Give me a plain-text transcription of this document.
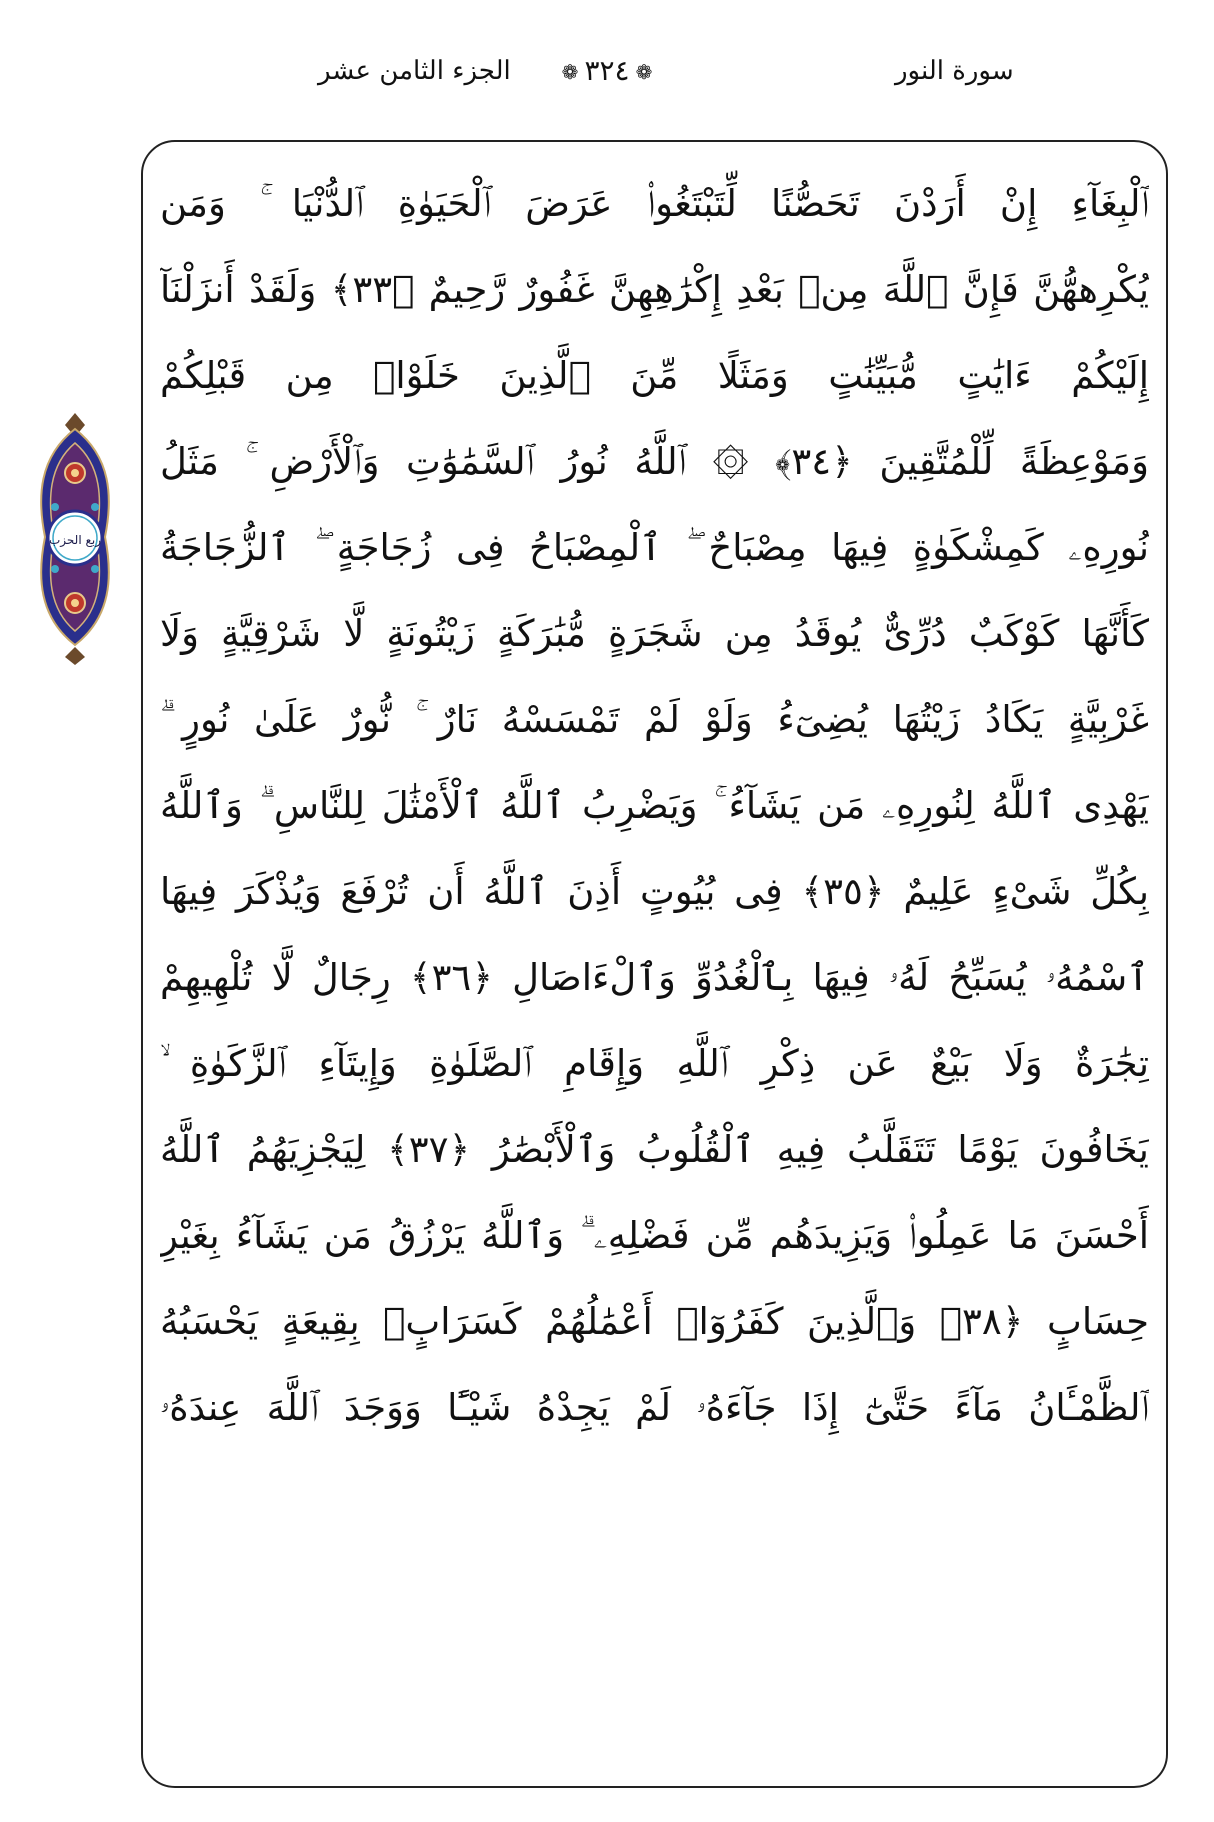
الجزء الثامن عشر	❁٣٢٤❁	سورة النور
ربع الحزب
ٱلْبِغَآءِ إِنْ أَرَدْنَ تَحَصُّنًا لِّتَبْتَغُوا۟ عَرَضَ ٱلْحَيَوٰةِ ٱلدُّنْيَا ۚ وَمَن
يُكْرِههُّنَّ فَإِنَّ ٱللَّهَ مِنۢ بَعْدِ إِكْرَٰهِهِنَّ غَفُورٌ رَّحِيمٌ ﴿٣٣﴾ وَلَقَدْ أَنزَلْنَآ
إِلَيْكُمْ ءَايَٰتٍ مُّبَيِّنَٰتٍ وَمَثَلًا مِّنَ ٱلَّذِينَ خَلَوْا۟ مِن قَبْلِكُمْ
وَمَوْعِظَةً لِّلْمُتَّقِينَ ﴿٣٤﴾ ۞ ٱللَّهُ نُورُ ٱلسَّمَٰوَٰتِ وَٱلْأَرْضِ ۚ مَثَلُ
نُورِهِۦ كَمِشْكَوٰةٍ فِيهَا مِصْبَاحٌ ۖ ٱلْمِصْبَاحُ فِى زُجَاجَةٍ ۖ ٱلزُّجَاجَةُ
كَأَنَّهَا كَوْكَبٌ دُرِّىٌّ يُوقَدُ مِن شَجَرَةٍ مُّبَٰرَكَةٍ زَيْتُونَةٍ لَّا شَرْقِيَّةٍ وَلَا
غَرْبِيَّةٍ يَكَادُ زَيْتُهَا يُضِىٓءُ وَلَوْ لَمْ تَمْسَسْهُ نَارٌ ۚ نُّورٌ عَلَىٰ نُورٍ ۗ
يَهْدِى ٱللَّهُ لِنُورِهِۦ مَن يَشَآءُ ۚ وَيَضْرِبُ ٱللَّهُ ٱلْأَمْثَٰلَ لِلنَّاسِ ۗ وَٱللَّهُ
بِكُلِّ شَىْءٍ عَلِيمٌ ﴿٣٥﴾ فِى بُيُوتٍ أَذِنَ ٱللَّهُ أَن تُرْفَعَ وَيُذْكَرَ فِيهَا
ٱسْمُهُۥ يُسَبِّحُ لَهُۥ فِيهَا بِٱلْغُدُوِّ وَٱلْءَاصَالِ ﴿٣٦﴾ رِجَالٌ لَّا تُلْهِيهِمْ
تِجَٰرَةٌ وَلَا بَيْعٌ عَن ذِكْرِ ٱللَّهِ وَإِقَامِ ٱلصَّلَوٰةِ وَإِيتَآءِ ٱلزَّكَوٰةِ ۙ
يَخَافُونَ يَوْمًا تَتَقَلَّبُ فِيهِ ٱلْقُلُوبُ وَٱلْأَبْصَٰرُ ﴿٣٧﴾ لِيَجْزِيَهُمُ ٱللَّهُ
أَحْسَنَ مَا عَمِلُوا۟ وَيَزِيدَهُم مِّن فَضْلِهِۦ ۗ وَٱللَّهُ يَرْزُقُ مَن يَشَآءُ بِغَيْرِ
حِسَابٍ ﴿٣٨﴾ وَٱلَّذِينَ كَفَرُوٓا۟ أَعْمَٰلُهُمْ كَسَرَابٍۭ بِقِيعَةٍ يَحْسَبُهُ
ٱلظَّمْـَٔانُ مَآءً حَتَّىٰٓ إِذَا جَآءَهُۥ لَمْ يَجِدْهُ شَيْـًٔا وَوَجَدَ ٱللَّهَ عِندَهُۥ
